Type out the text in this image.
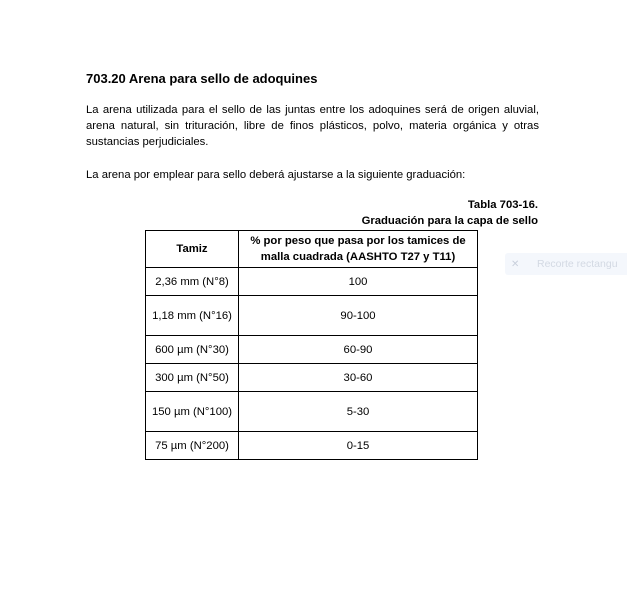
703.20 Arena para sello de adoquines

La arena utilizada para el sello de las juntas entre los adoquines será de origen aluvial, arena natural, sin trituración, libre de finos plásticos, polvo, materia orgánica y otras sustancias perjudiciales.

La arena por emplear para sello deberá ajustarse a la siguiente graduación:

Tabla 703-16.
Graduación para la capa de sello
Tamiz	% por peso que pasa por los tamices de malla cuadrada (AASHTO T27 y T11)
2,36 mm (N°8)	100
1,18 mm (N°16)	90-100
600 µm (N°30)	60-90
300 µm (N°50)	30-60
150 µm (N°100)	5-30
75 µm (N°200)	0-15
✕ Recorte rectangu
